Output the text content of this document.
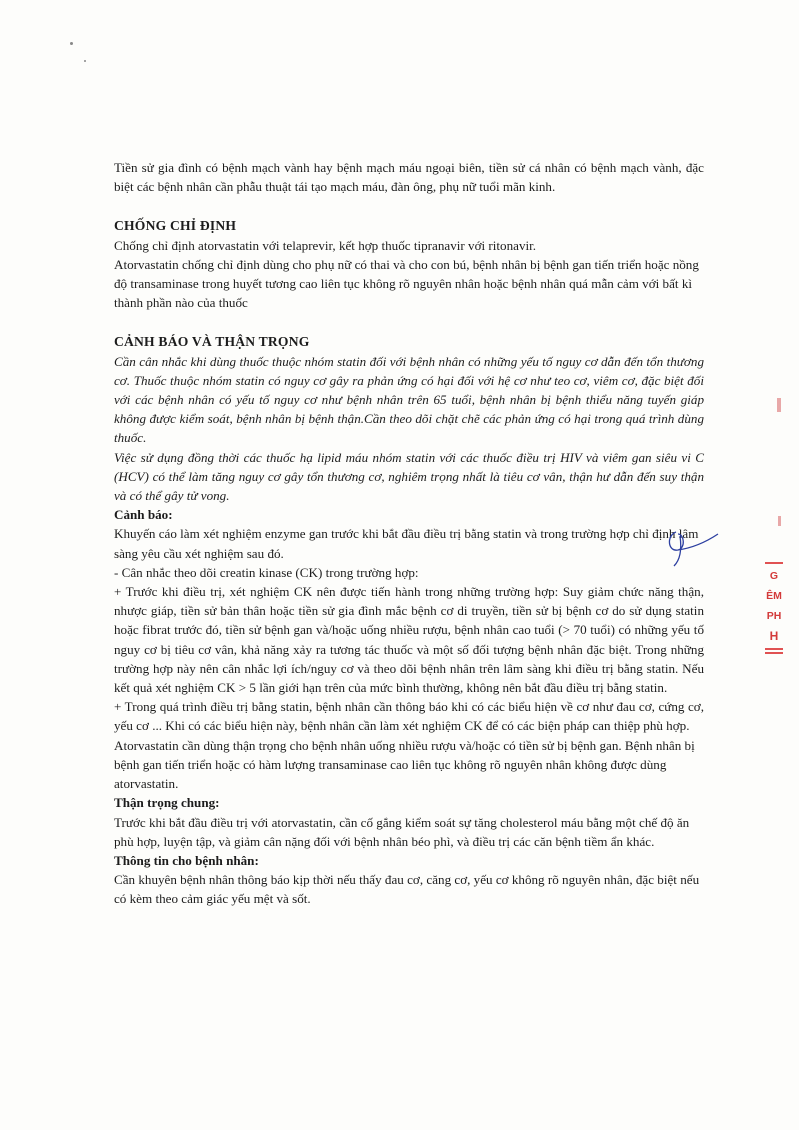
Tiền sử gia đình có bệnh mạch vành hay bệnh mạch máu ngoại biên, tiền sử cá nhân có bệnh mạch vành, đặc biệt các bệnh nhân cần phẫu thuật tái tạo mạch máu, đàn ông, phụ nữ tuổi mãn kinh.

CHỐNG CHỈ ĐỊNH

Chống chỉ định atorvastatin với telaprevir, kết hợp thuốc tipranavir với ritonavir.

Atorvastatin chống chỉ định dùng cho phụ nữ có thai và cho con bú, bệnh nhân bị bệnh gan tiến triển hoặc nồng độ transaminase trong huyết tương cao liên tục không rõ nguyên nhân hoặc bệnh nhân quá mẫn cảm với bất kì thành phần nào của thuốc

CẢNH BÁO VÀ THẬN TRỌNG

Cần cân nhắc khi dùng thuốc thuộc nhóm statin đối với bệnh nhân có những yếu tố nguy cơ dẫn đến tổn thương cơ. Thuốc thuộc nhóm statin có nguy cơ gây ra phản ứng có hại đối với hệ cơ như teo cơ, viêm cơ, đặc biệt đối với các bệnh nhân có yếu tố nguy cơ như bệnh nhân trên 65 tuổi, bệnh nhân bị bệnh thiểu năng tuyến giáp không được kiểm soát, bệnh nhân bị bệnh thận.Cần theo dõi chặt chẽ các phản ứng có hại trong quá trình dùng thuốc.

Việc sử dụng đồng thời các thuốc hạ lipid máu nhóm statin với các thuốc điều trị HIV và viêm gan siêu vi C (HCV) có thể làm tăng nguy cơ gây tổn thương cơ, nghiêm trọng nhất là tiêu cơ vân, thận hư dẫn đến suy thận và có thể gây tử vong.

Cảnh báo:

Khuyến cáo làm xét nghiệm enzyme gan trước khi bắt đầu điều trị bằng statin và trong trường hợp chỉ định lâm sàng yêu cầu xét nghiệm sau đó.

- Cân nhắc theo dõi creatin kinase (CK) trong trường hợp:

+ Trước khi điều trị, xét nghiệm CK nên được tiến hành trong những trường hợp: Suy giảm chức năng thận, nhược giáp, tiền sử bản thân hoặc tiền sử gia đình mắc bệnh cơ di truyền, tiền sử bị bệnh cơ do sử dụng statin hoặc fibrat trước đó, tiền sử bệnh gan và/hoặc uống nhiều rượu, bệnh nhân cao tuổi (> 70 tuổi) có những yếu tố nguy cơ bị tiêu cơ vân, khả năng xảy ra tương tác thuốc và một số đối tượng bệnh nhân đặc biệt. Trong những trường hợp này nên cân nhắc lợi ích/nguy cơ và theo dõi bệnh nhân trên lâm sàng khi điều trị bằng statin. Nếu kết quả xét nghiệm CK > 5 lần giới hạn trên của mức bình thường, không nên bắt đầu điều trị bằng statin.

+ Trong quá trình điều trị bằng statin, bệnh nhân cần thông báo khi có các biểu hiện về cơ như đau cơ, cứng cơ, yếu cơ ... Khi có các biểu hiện này, bệnh nhân cần làm xét nghiệm CK để có các biện pháp can thiệp phù hợp.

Atorvastatin cần dùng thận trọng cho bệnh nhân uống nhiều rượu và/hoặc có tiền sử bị bệnh gan. Bệnh nhân bị bệnh gan tiến triển hoặc có hàm lượng transaminase cao liên tục không rõ nguyên nhân không được dùng atorvastatin.

Thận trọng chung:

Trước khi bắt đầu điều trị với atorvastatin, cần cố gắng kiểm soát sự tăng cholesterol máu bằng một chế độ ăn phù hợp, luyện tập, và giảm cân nặng đối với bệnh nhân béo phì, và điều trị các căn bệnh tiềm ẩn khác.

Thông tin cho bệnh nhân:

Cần khuyên bệnh nhân thông báo kịp thời nếu thấy đau cơ, căng cơ, yếu cơ không rõ nguyên nhân, đặc biệt nếu có kèm theo cảm giác yếu mệt và sốt.

G
ÊM
PH
H
